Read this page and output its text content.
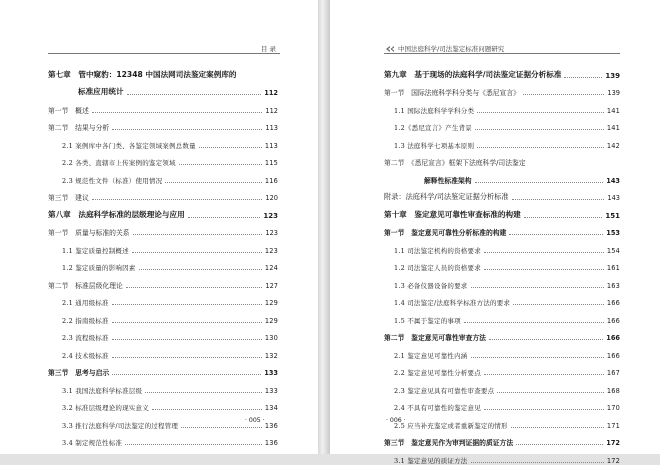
目 录
第七章　管中窥豹：12348 中国法网司法鉴定案例库的
标准应用统计	112
第一节　概述	112
第二节　结果与分析	113
2.1 案例库中各门类、各鉴定领域案例总数量	113
2.2 各类、直辖市上传案例的鉴定领域	115
2.3 规范性文件（标准）使用情况	116
第三节　建议	120
第八章　法庭科学标准的层级理论与应用	123
第一节　质量与标准的关系	123
1.1 鉴定质量控制概述	123
1.2 鉴定质量的影响因素	124
第二节　标准层级化理论	127
2.1 通用级标准	129
2.2 指南级标准	129
2.3 流程级标准	130
2.4 技术级标准	132
第三节　思考与启示	133
3.1 我国法庭科学标准层级	133
3.2 标准层级理论的现实意义	134
3.3 推行法庭科学/司法鉴定的过程管理	136
3.4 制定规范性标准	136
· 005 ·
中国法庭科学/司法鉴定标准问题研究
第九章　基于现场的法庭科学/司法鉴定证据分析标准	139
第一节　国际法庭科学科分类与《悉尼宣言》	139
1.1 国际法庭科学学科分类	141
1.2《悉尼宣言》产生背景	141
1.3 法庭科学七项基本原则	142
第二节　《悉尼宣言》框架下法庭科学/司法鉴定
解释性标准架构	143
附录：法庭科学/司法鉴定证据分析标准	143
第十章　鉴定意见可靠性审查标准的构建	151
第一节　鉴定意见可靠性分析标准的构建	153
1.1 司法鉴定机构的资格要求	154
1.2 司法鉴定人员的资格要求	161
1.3 必备仪器设备的要求	163
1.4 司法鉴定/法庭科学标准方法的要求	166
1.5 不属于鉴定的事项	166
第二节　鉴定意见可靠性审查方法	166
2.1 鉴定意见可靠性内涵	166
2.2 鉴定意见可靠性分析要点	167
2.3 鉴定意见具有可靠性审查要点	168
2.4 不具有可靠性的鉴定意见	170
2.5 应当补充鉴定或者重新鉴定的情形	171
第三节　鉴定意见作为审判证据的质证方法	172
3.1 鉴定意见的质证方法	172
· 006 ·
